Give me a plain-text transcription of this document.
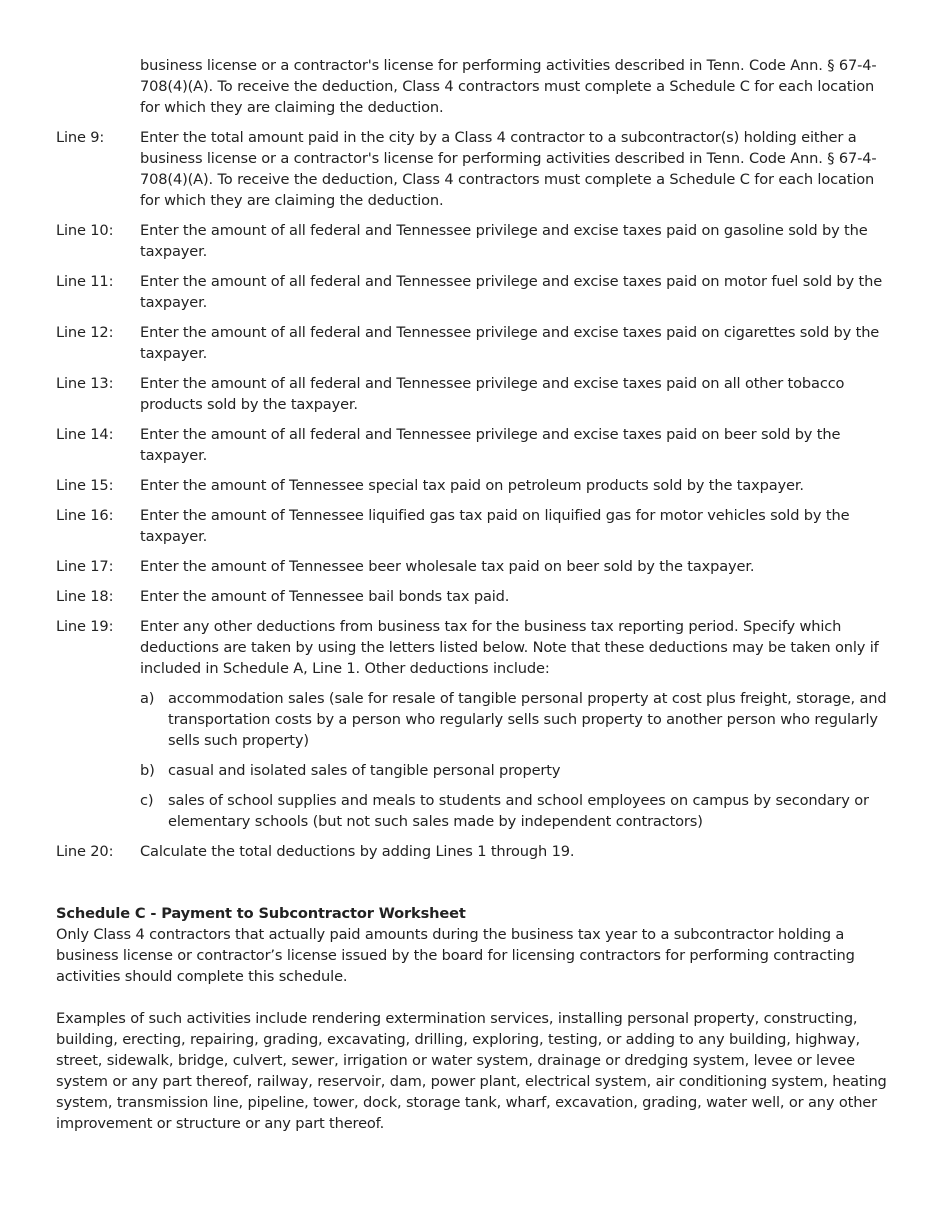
business license or a contractor's license for performing activities described in Tenn. Code Ann. § 67-4-708(4)(A). To receive the deduction, Class 4 contractors must complete a Schedule C for each location for which they are claiming the deduction.
Line 9:	Enter the total amount paid in the city by a Class 4 contractor to a subcontractor(s) holding either a business license or a contractor's license for performing activities described in Tenn. Code Ann. § 67-4-708(4)(A). To receive the deduction, Class 4 contractors must complete a Schedule C for each location for which they are claiming the deduction.
Line 10:	Enter the amount of all federal and Tennessee privilege and excise taxes paid on gasoline sold by the taxpayer.
Line 11:	Enter the amount of all federal and Tennessee privilege and excise taxes paid on motor fuel sold by the taxpayer.
Line 12:	Enter the amount of all federal and Tennessee privilege and excise taxes paid on cigarettes sold by the taxpayer.
Line 13:	Enter the amount of all federal and Tennessee privilege and excise taxes paid on all other tobacco products sold by the taxpayer.
Line 14:	Enter the amount of all federal and Tennessee privilege and excise taxes paid on beer sold by the taxpayer.
Line 15:	Enter the amount of Tennessee special tax paid on petroleum products sold by the taxpayer.
Line 16:	Enter the amount of Tennessee liquified gas tax paid on liquified gas for motor vehicles sold by the taxpayer.
Line 17:	Enter the amount of Tennessee beer wholesale tax paid on beer sold by the taxpayer.
Line 18:	Enter the amount of Tennessee bail bonds tax paid.
Line 19:	Enter any other deductions from business tax for the business tax reporting period. Specify which deductions are taken by using the letters listed below. Note that these deductions may be taken only if included in Schedule A, Line 1. Other deductions include:
a) accommodation sales (sale for resale of tangible personal property at cost plus freight, storage, and transportation costs by a person who regularly sells such property to another person who regularly sells such property)
b) casual and isolated sales of tangible personal property
c) sales of school supplies and meals to students and school employees on campus by secondary or elementary schools (but not such sales made by independent contractors)
Line 20:	Calculate the total deductions by adding Lines 1 through 19.
Schedule C - Payment to Subcontractor Worksheet
Only Class 4 contractors that actually paid amounts during the business tax year to a subcontractor holding a business license or contractor’s license issued by the board for licensing contractors for performing contracting activities should complete this schedule.
Examples of such activities include rendering extermination services, installing personal property, constructing, building, erecting, repairing, grading, excavating, drilling, exploring, testing, or adding to any building, highway, street, sidewalk, bridge, culvert, sewer, irrigation or water system, drainage or dredging system, levee or levee system or any part thereof, railway, reservoir, dam, power plant, electrical system, air conditioning system, heating system, transmission line, pipeline, tower, dock, storage tank, wharf, excavation, grading, water well, or any other improvement or structure or any part thereof.
